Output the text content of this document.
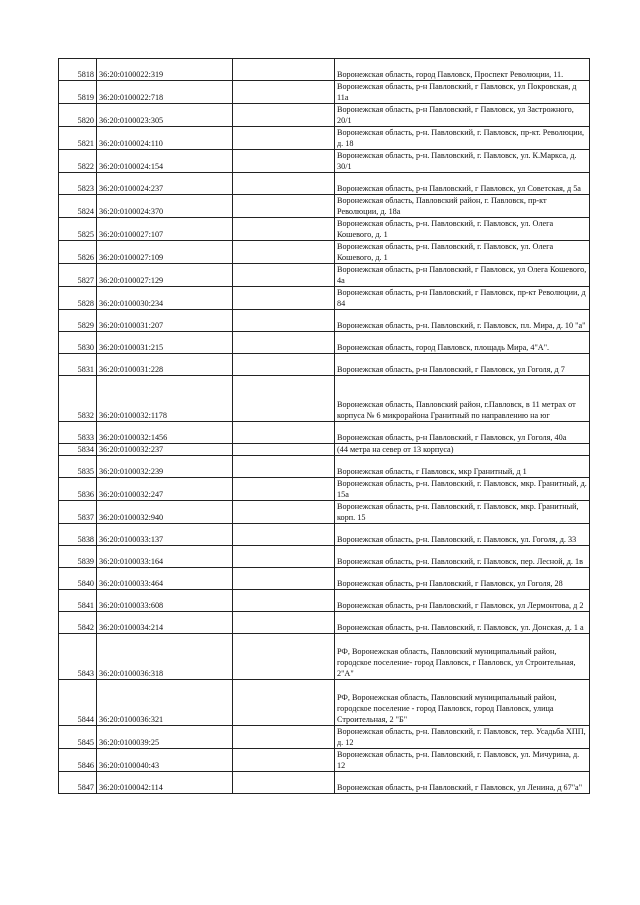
5818	36:20:0100022:319		Воронежская область, город Павловск, Проспект Революции, 11.
5819	36:20:0100022:718		Воронежская область, р-н Павловский, г Павловск, ул Покровская, д 11а
5820	36:20:0100023:305		Воронежская область, р-н Павловский, г Павловск, ул Застрожного, 20/1
5821	36:20:0100024:110		Воронежская область, р-н. Павловский, г. Павловск, пр-кт. Революции, д. 18
5822	36:20:0100024:154		Воронежская область, р-н. Павловский, г. Павловск, ул. К.Маркса, д. 30/1
5823	36:20:0100024:237		Воронежская область, р-н Павловский, г Павловск, ул Советская, д 5а
5824	36:20:0100024:370		Воронежская область, Павловский район, г. Павловск, пр-кт Революции, д. 18а
5825	36:20:0100027:107		Воронежская область, р-н. Павловский, г. Павловск, ул. Олега Кошевого, д. 1
5826	36:20:0100027:109		Воронежская область, р-н. Павловский, г. Павловск, ул. Олега Кошевого, д. 1
5827	36:20:0100027:129		Воронежская область, р-н Павловский, г Павловск, ул Олега Кошевого, 4а
5828	36:20:0100030:234		Воронежская область, р-н Павловский, г Павловск, пр-кт Революции, д 84
5829	36:20:0100031:207		Воронежская область, р-н. Павловский, г. Павловск, пл. Мира, д. 10 "а"
5830	36:20:0100031:215		Воронежская область, город Павловск, площадь Мира, 4"А".
5831	36:20:0100031:228		Воронежская область, р-н Павловский, г Павловск, ул Гоголя, д 7
5832	36:20:0100032:1178		Воронежская область, Павловский район, г.Павловск, в 11 метрах от корпуса № 6 микрорайона Гранитный по направлению на юг
5833	36:20:0100032:1456		Воронежская область, р-н Павловский, г Павловск, ул Гоголя, 40а
5834	36:20:0100032:237		(44 метра на север от 13 корпуса)
5835	36:20:0100032:239		Воронежская область, г Павловск, мкр Гранитный, д 1
5836	36:20:0100032:247		Воронежская область, р-н. Павловский, г. Павловск, мкр. Гранитный, д. 15а
5837	36:20:0100032:940		Воронежская область, р-н. Павловский, г. Павловск, мкр. Гранитный, корп. 15
5838	36:20:0100033:137		Воронежская область, р-н. Павловский, г. Павловск, ул. Гоголя, д. 33
5839	36:20:0100033:164		Воронежская область, р-н. Павловский, г. Павловск, пер. Лесной, д. 1в
5840	36:20:0100033:464		Воронежская область, р-н Павловский, г Павловск, ул Гоголя, 28
5841	36:20:0100033:608		Воронежская область, р-н Павловский, г Павловск, ул Лермонтова, д 2
5842	36:20:0100034:214		Воронежская область, р-н. Павловский, г. Павловск, ул. Донская, д. 1 а
5843	36:20:0100036:318		РФ, Воронежская область, Павловский муниципальный район, городское поселение- город Павловск, г Павловск, ул Строительная, 2"А"
5844	36:20:0100036:321		РФ, Воронежская область, Павловский муниципальный район, городское поселение - город Павловск, город Павловск, улица Строительная, 2 "Б"
5845	36:20:0100039:25		Воронежская область, р-н. Павловский, г. Павловск, тер. Усадьба ХПП, д. 12
5846	36:20:0100040:43		Воронежская область, р-н. Павловский, г. Павловск, ул. Мичурина, д. 12
5847	36:20:0100042:114		Воронежская область, р-н Павловский, г Павловск, ул Ленина, д 67"а"
